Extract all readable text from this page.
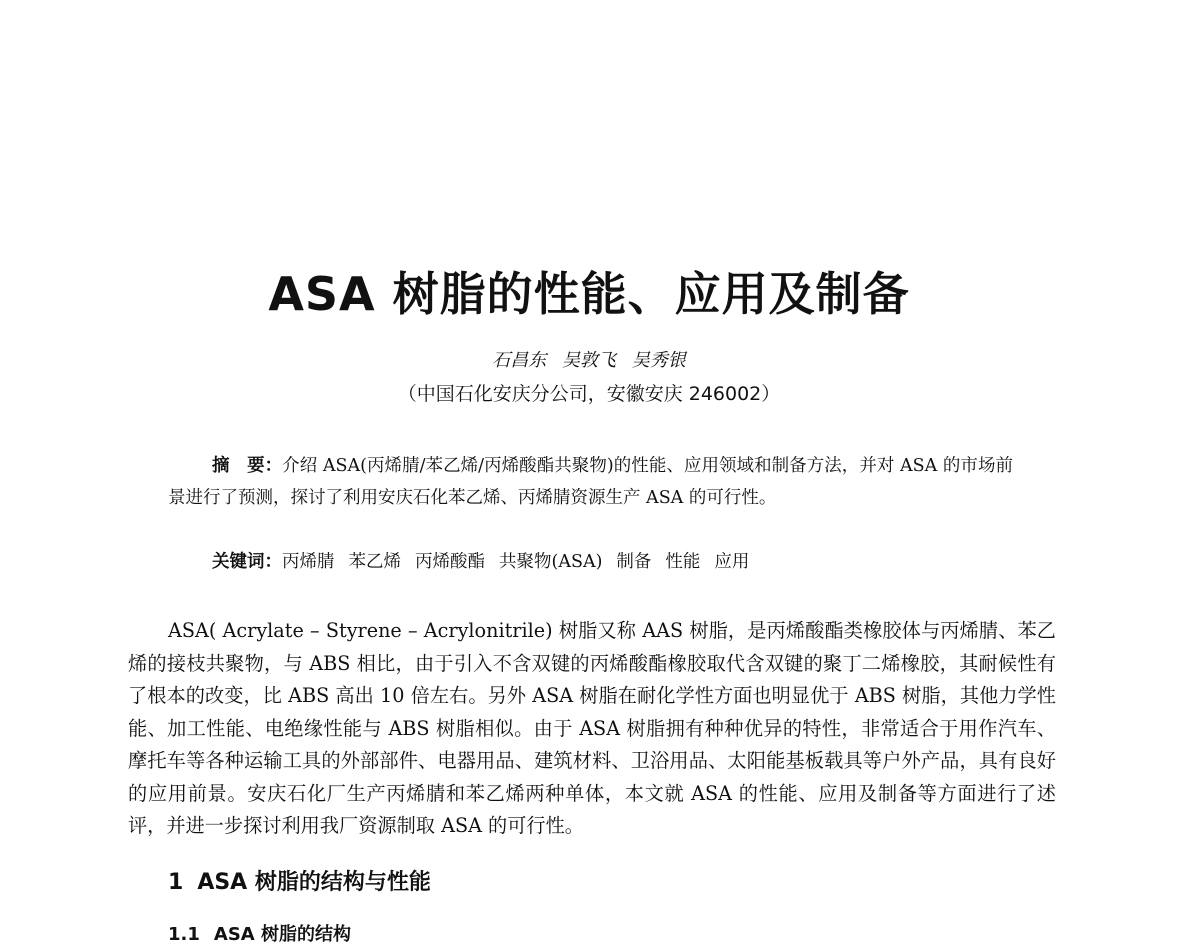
ASA 树脂的性能、应用及制备
石昌东 吴敦飞 吴秀银
（中国石化安庆分公司，安徽安庆 246002）

摘　要：介绍 ASA(丙烯腈/苯乙烯/丙烯酸酯共聚物)的性能、应用领域和制备方法，并对 ASA 的市场前景进行了预测，探讨了利用安庆石化苯乙烯、丙烯腈资源生产 ASA 的可行性。

关键词：丙烯腈 苯乙烯 丙烯酸酯 共聚物(ASA) 制备 性能 应用

ASA( Acrylate – Styrene – Acrylonitrile) 树脂又称 AAS 树脂，是丙烯酸酯类橡胶体与丙烯腈、苯乙烯的接枝共聚物，与 ABS 相比，由于引入不含双键的丙烯酸酯橡胶取代含双键的聚丁二烯橡胶，其耐候性有了根本的改变，比 ABS 高出 10 倍左右。另外 ASA 树脂在耐化学性方面也明显优于 ABS 树脂，其他力学性能、加工性能、电绝缘性能与 ABS 树脂相似。由于 ASA 树脂拥有种种优异的特性，非常适合于用作汽车、摩托车等各种运输工具的外部部件、电器用品、建筑材料、卫浴用品、太阳能基板载具等户外产品，具有良好的应用前景。安庆石化厂生产丙烯腈和苯乙烯两种单体，本文就 ASA 的性能、应用及制备等方面进行了述评，并进一步探讨利用我厂资源制取 ASA 的可行性。

1 ASA 树脂的结构与性能
1.1 ASA 树脂的结构
